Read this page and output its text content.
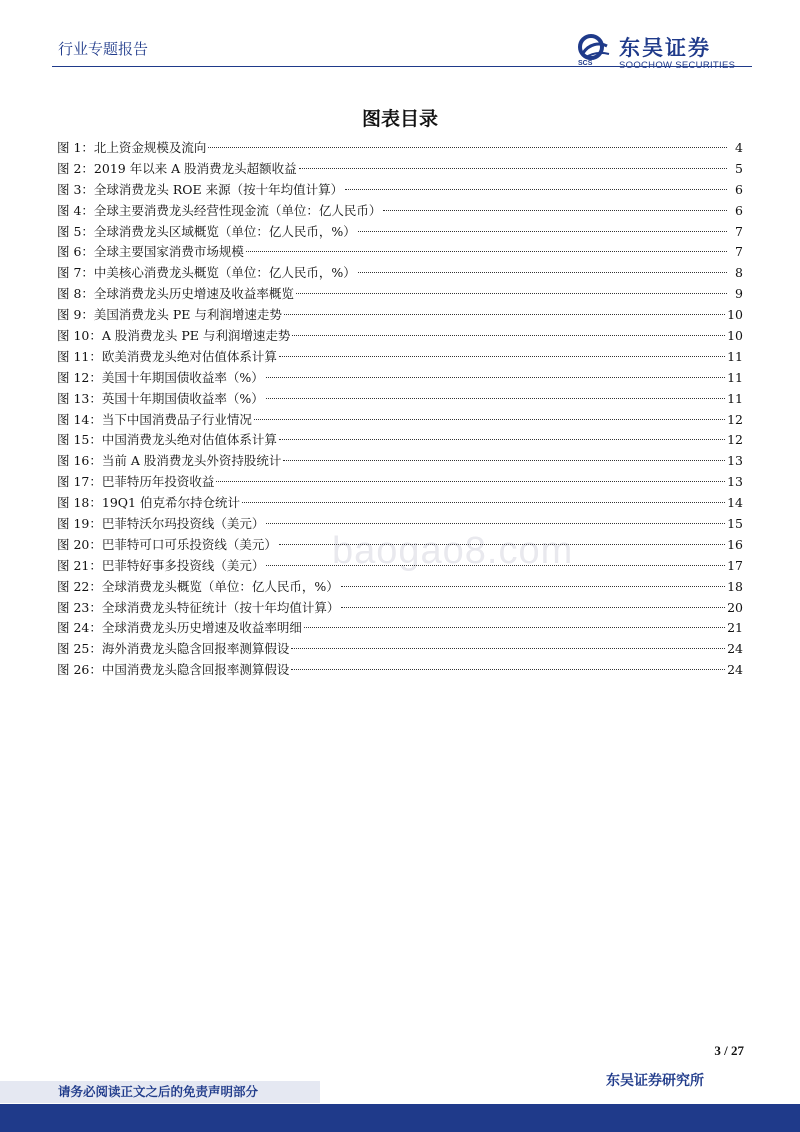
行业专题报告
SCS
东吴证券
SOOCHOW SECURITIES
图表目录
baogao8.com
图 1：北上资金规模及流向	4
图 2：2019 年以来 A 股消费龙头超额收益	5
图 3：全球消费龙头 ROE 来源（按十年均值计算）	6
图 4：全球主要消费龙头经营性现金流（单位：亿人民币）	6
图 5：全球消费龙头区域概览（单位：亿人民币，%）	7
图 6：全球主要国家消费市场规模	7
图 7：中美核心消费龙头概览（单位：亿人民币，%）	8
图 8：全球消费龙头历史增速及收益率概览	9
图 9：美国消费龙头 PE 与利润增速走势	10
图 10：A 股消费龙头 PE 与利润增速走势	10
图 11：欧美消费龙头绝对估值体系计算	11
图 12：美国十年期国债收益率（%）	11
图 13：英国十年期国债收益率（%）	11
图 14：当下中国消费品子行业情况	12
图 15：中国消费龙头绝对估值体系计算	12
图 16：当前 A 股消费龙头外资持股统计	13
图 17：巴菲特历年投资收益	13
图 18：19Q1 伯克希尔持仓统计	14
图 19：巴菲特沃尔玛投资线（美元）	15
图 20：巴菲特可口可乐投资线（美元）	16
图 21：巴菲特好事多投资线（美元）	17
图 22：全球消费龙头概览（单位：亿人民币，%）	18
图 23：全球消费龙头特征统计（按十年均值计算）	20
图 24：全球消费龙头历史增速及收益率明细	21
图 25：海外消费龙头隐含回报率测算假设	24
图 26：中国消费龙头隐含回报率测算假设	24
3 / 27
东吴证券研究所
请务必阅读正文之后的免责声明部分
